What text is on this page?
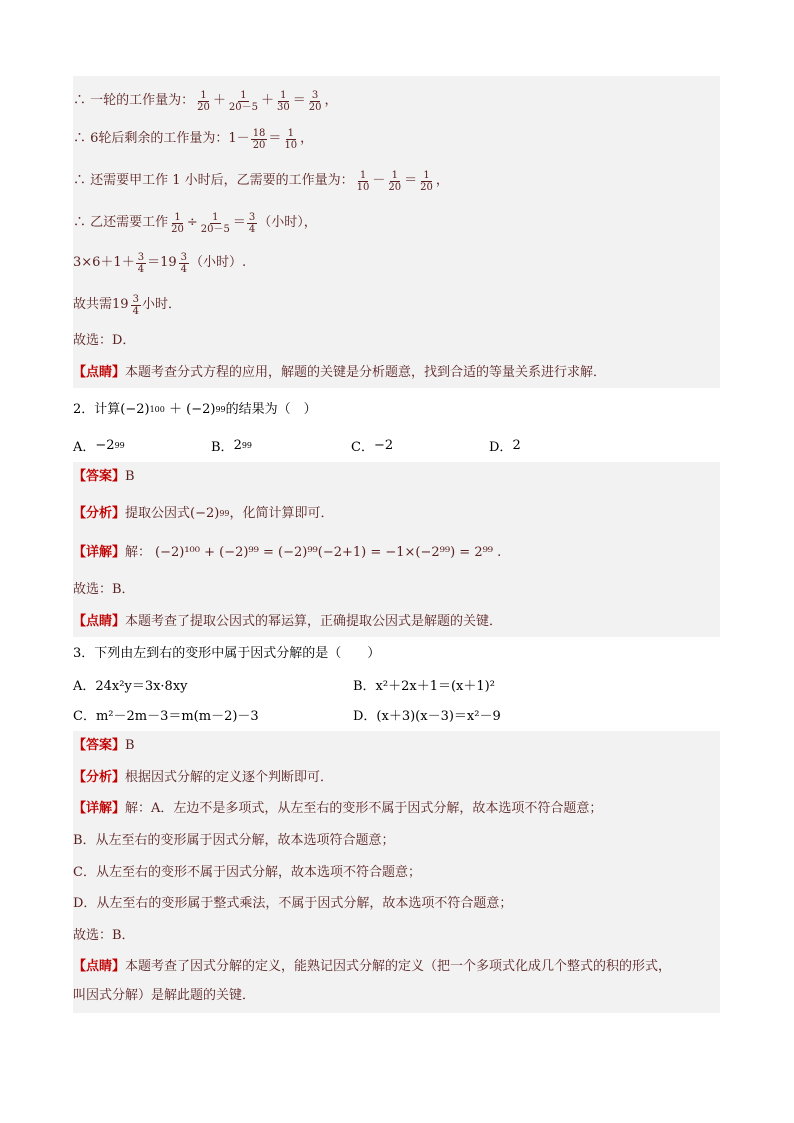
∴ 一轮的工作量为： $\frac{1}{20} + \frac{1}{20-5} + \frac{1}{30} = \frac{3}{20}$ ，
∴ 6轮后剩余的工作量为：$1- \frac{18}{20} = \frac{1}{10}$ ，
∴ 还需要甲工作 1 小时后，乙需要的工作量为： $\frac{1}{10} - \frac{1}{20} = \frac{1}{20}$ ，
∴ 乙还需要工作 $\frac{1}{20} \div \frac{1}{20-5} = \frac{3}{4}$ （小时），
$3\times 6+1+ \frac{3}{4} = 19 \frac{3}{4}$ （小时）.
故共需 $19 \frac{3}{4}$ 小时．
故选：D．
【点睛】 本题考查分式方程的应用，解题的关键是分析题意，找到合适的等量关系进行求解．
2．计算 (−2) 100 ＋ (−2) 99 的结果为（　）
A． −2 99	B． 2 99	C． −2	D． 2
【答案】 B
【分析】 提取公因式 (−2) 99 ，化简计算即可．
【详解】 解： (−2)¹⁰⁰ + (−2)⁹⁹ = (−2)⁹⁹(−2+1) = −1×(−2⁹⁹) = 2⁹⁹ .
故选：B．
【点睛】 本题考查了提取公因式的幂运算，正确提取公因式是解题的关键．
3．下列由左到右的变形中属于因式分解的是（　　）
A．24x²y＝3x·8xy	B．x²＋2x＋1＝(x＋1)²
C．m²－2m－3＝m(m－2)－3	D．(x＋3)(x－3)＝x²－9
【答案】 B
【分析】 根据因式分解的定义逐个判断即可．
【详解】 解：A．左边不是多项式，从左至右的变形不属于因式分解，故本选项不符合题意；
B．从左至右的变形属于因式分解，故本选项符合题意；
C．从左至右的变形不属于因式分解，故本选项不符合题意；
D．从左至右的变形属于整式乘法，不属于因式分解，故本选项不符合题意；
故选：B．
【点睛】 本题考查了因式分解的定义，能熟记因式分解的定义（把一个多项式化成几个整式的积的形式，
叫因式分解）是解此题的关键．
